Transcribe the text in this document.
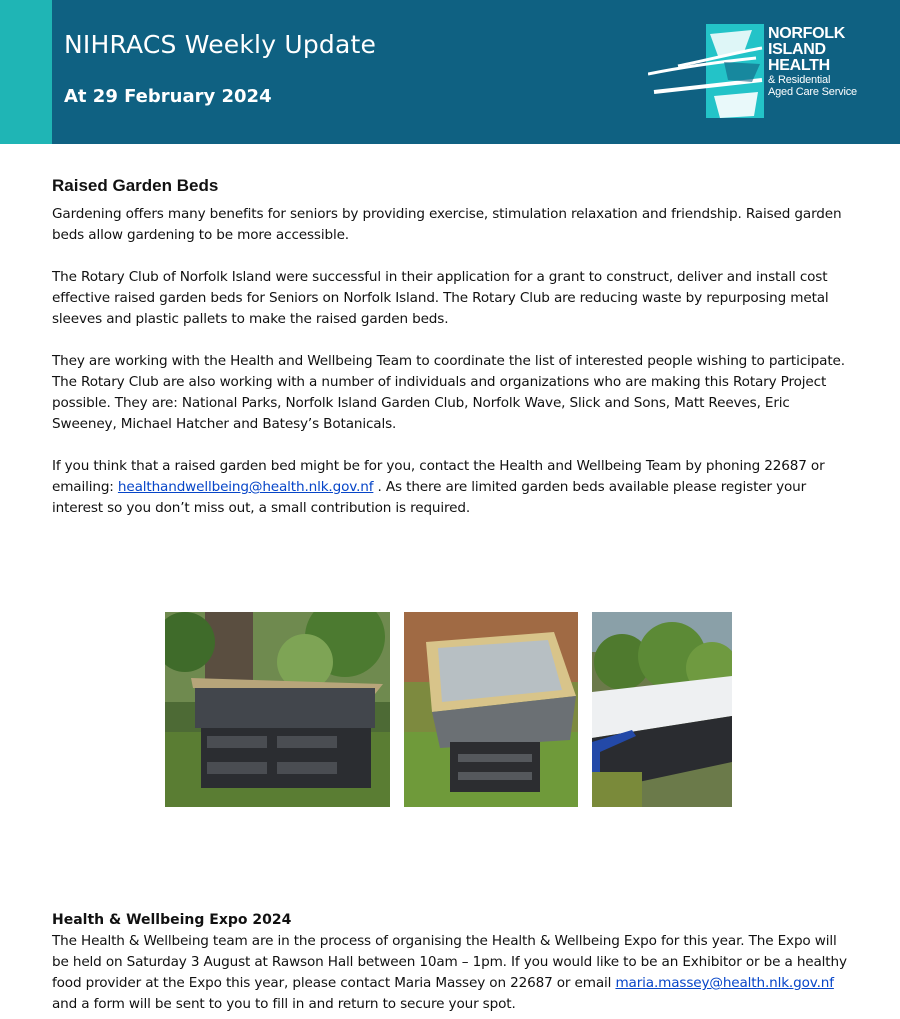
NIHRACS Weekly Update
At 29 February 2024
NORFOLK
ISLAND
HEALTH
& Residential
Aged Care Service
Raised Garden Beds

Gardening offers many benefits for seniors by providing exercise, stimulation relaxation and friendship. Raised garden beds allow gardening to be more accessible.

The Rotary Club of Norfolk Island were successful in their application for a grant to construct, deliver and install cost effective raised garden beds for Seniors on Norfolk Island. The Rotary Club are reducing waste by repurposing metal sleeves and plastic pallets to make the raised garden beds.

They are working with the Health and Wellbeing Team to coordinate the list of interested people wishing to participate. The Rotary Club are also working with a number of individuals and organizations who are making this Rotary Project possible. They are: National Parks, Norfolk Island Garden Club, Norfolk Wave, Slick and Sons, Matt Reeves, Eric Sweeney, Michael Hatcher and Batesy’s Botanicals.

If you think that a raised garden bed might be for you, contact the Health and Wellbeing Team by phoning 22687 or emailing: healthandwellbeing@health.nlk.gov.nf . As there are limited garden beds available please register your interest so you don’t miss out, a small contribution is required.

Health & Wellbeing Expo 2024

The Health & Wellbeing team are in the process of organising the Health & Wellbeing Expo for this year. The Expo will be held on Saturday 3 August at Rawson Hall between 10am – 1pm. If you would like to be an Exhibitor or be a healthy food provider at the Expo this year, please contact Maria Massey on 22687 or email maria.massey@health.nlk.gov.nf and a form will be sent to you to fill in and return to secure your spot.
